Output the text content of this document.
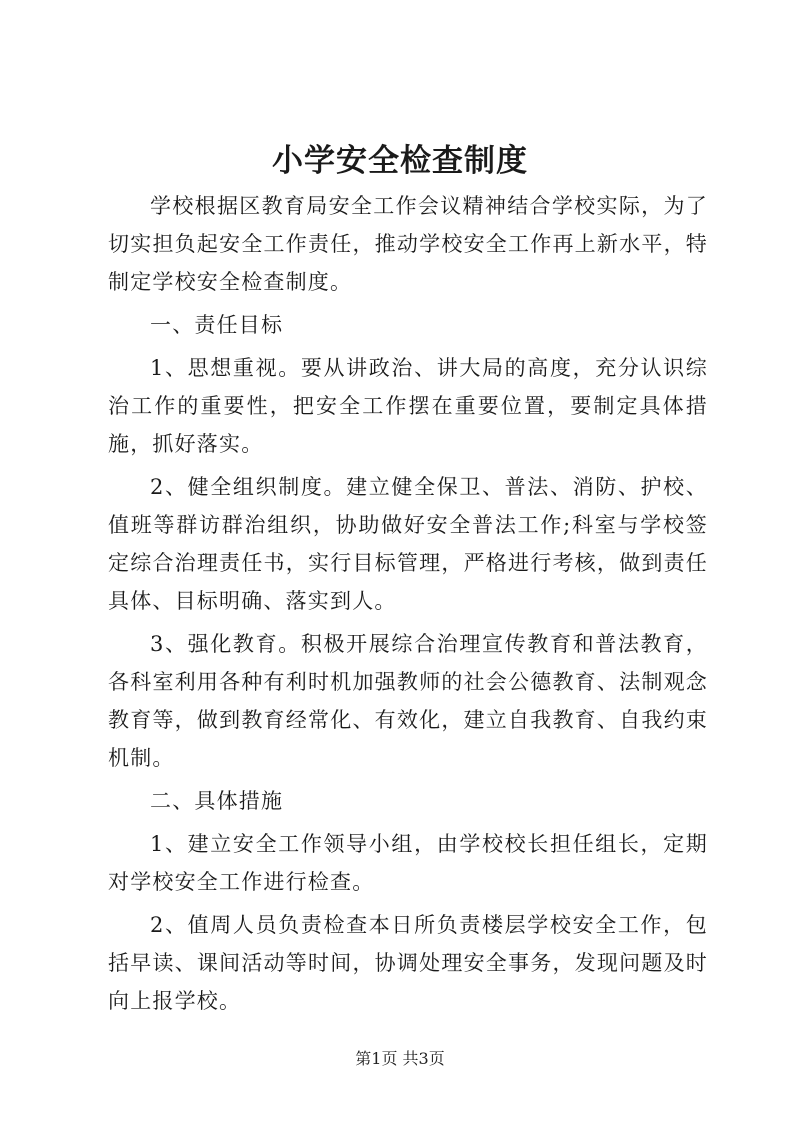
小学安全检查制度

学校根据区教育局安全工作会议精神结合学校实际，为了切实担负起安全工作责任，推动学校安全工作再上新水平，特制定学校安全检查制度。

一、责任目标

1、思想重视。要从讲政治、讲大局的高度，充分认识综治工作的重要性，把安全工作摆在重要位置，要制定具体措施，抓好落实。

2、健全组织制度。建立健全保卫、普法、消防、护校、值班等群访群治组织，协助做好安全普法工作;科室与学校签定综合治理责任书，实行目标管理，严格进行考核，做到责任具体、目标明确、落实到人。

3、强化教育。积极开展综合治理宣传教育和普法教育，各科室利用各种有利时机加强教师的社会公德教育、法制观念教育等，做到教育经常化、有效化，建立自我教育、自我约束机制。

二、具体措施

1、建立安全工作领导小组，由学校校长担任组长，定期对学校安全工作进行检查。

2、值周人员负责检查本日所负责楼层学校安全工作，包括早读、课间活动等时间，协调处理安全事务，发现问题及时向上报学校。

第1页 共3页
